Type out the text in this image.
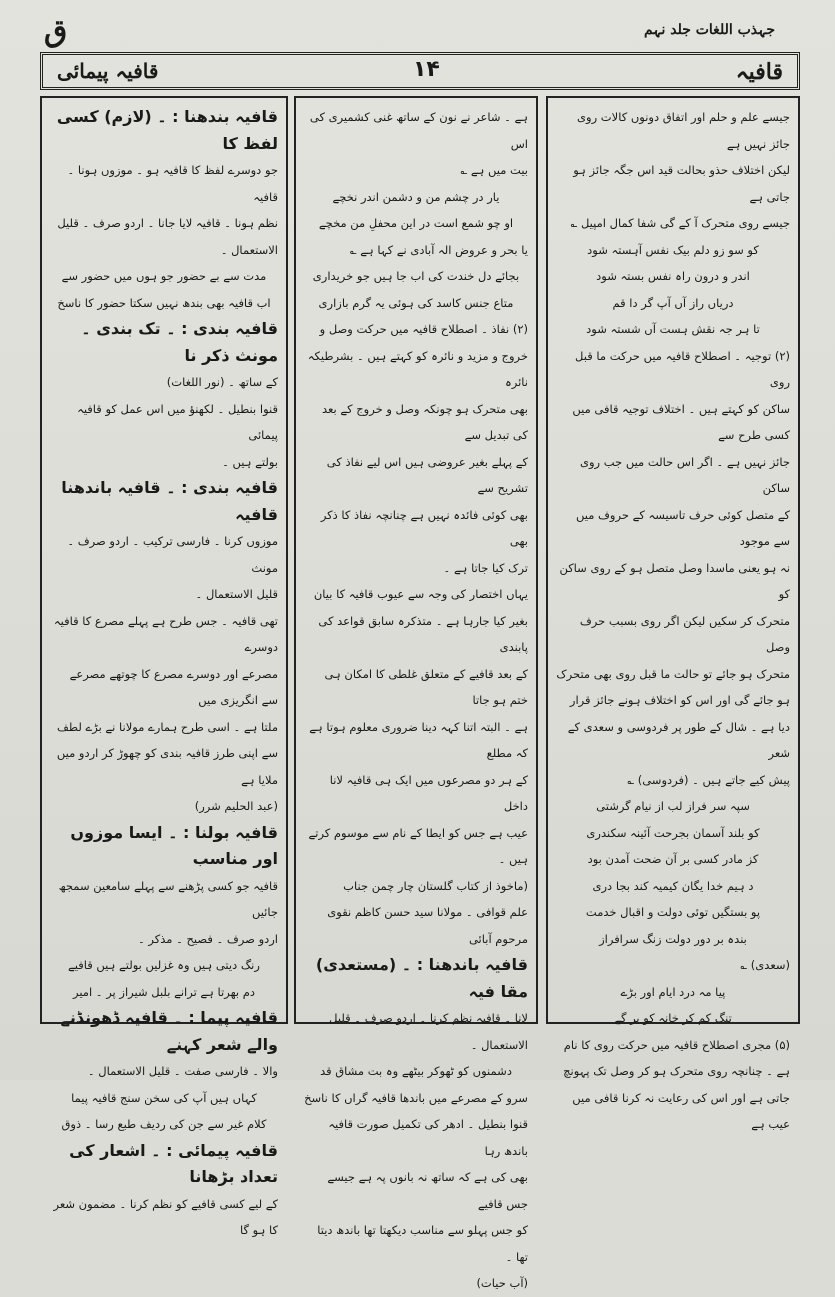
ق	جہذب اللغات جلد نہم
قافیہ پیمائی	۱۴	قافیہ

جیسے علم و حلم اور اتفاق دونوں کالات روی جائز نہیں ہے

لیکن اختلاف حذو بحالت قید اس جگہ جائز ہو جاتی ہے

جیسے روی متحرک آ کے گی شفا کمال امپیل ؎

کو سو زو دلم بیک نفس آہستہ شود

اندر و درون راہ نفس بستہ شود

دریاں راز آں آپ گر دا قم

تا ہر جہ نقش ہست آں شستہ شود

(۲) توجیہ ۔ اصطلاح قافیہ میں حرکت ما قبل روی

ساکن کو کہتے ہیں ۔ اختلاف توجیہ قافی میں کسی طرح سے

جائز نہیں ہے ۔ اگر اس حالت میں جب روی ساکن

کے متصل کوئی حرف تاسیسہ کے حروف میں سے موجود

نہ ہو یعنی ماسدا وصل متصل ہو کے روی ساکن کو

متحرک کر سکیں لیکن اگر روی بسبب حرف وصل

متحرک ہو جائے تو حالت ما قبل روی بھی متحرک

ہو جائے گی اور اس کو اختلاف ہونے جائز قرار

دیا ہے ۔ شال کے طور پر فردوسی و سعدی کے شعر

پیش کیے جاتے ہیں ۔ (فردوسی) ؎

سپہ سر فراز لب از نیام گرشتی

کو بلند آسمان بجرحت آئینہ سکندری

کز مادر کسی بر آن ضحت آمدن بود

د ہیم خدا یگان کیمیہ کند بجا دری

پو بستگیں توئی دولت و اقبال خدمت

بندہ بر دور دولت زنگ سرافراز

(سعدی) ؎

پیا مہ درد ایام اور بڑے

تنگ کم کر خانہ کو بر گے

(۵) مجری اصطلاح قافیہ میں حرکت روی کا نام

ہے ۔ چنانچہ روی متحرک ہو کر وصل تک پہونچ

جاتی ہے اور اس کی رعایت نہ کرنا قافی میں عیب ہے

ہے ۔ شاعر نے نون کے ساتھ غنی کشمیری کی اس

بیت میں ہے ؎

یار در چشم من و دشمن اندر نخچے

او چو شمع است در این محفلِ من مخچے

یا بحر و عروض الہ آبادی نے کہا ہے ؎

بجائے دل خندت کی اب جا ہیں جو خریداری

متاع جنس کاسد کی ہوئی یہ گرم بازاری

(۲) نفاذ ۔ اصطلاح قافیہ میں حرکت وصل و

خروج و مزید و نائرہ کو کہتے ہیں ۔ بشرطیکہ نائرہ

بھی متحرک ہو چونکہ وصل و خروج کے بعد کی تبدیل سے

کے پہلے بغیر عروضی ہیں اس لیے نفاذ کی تشریح سے

بھی کوئی فائدہ نہیں ہے چنانچہ نفاذ کا ذکر بھی

ترک کیا جاتا ہے ۔

یہاں اختصار کی وجہ سے عیوب قافیہ کا بیان

بغیر کیا جارہا ہے ۔ متذکرہ سابق قواعد کی پابندی

کے بعد قافیے کے متعلق غلطی کا امکان ہی ختم ہو جاتا

ہے ۔ البتہ اتنا کہہ دینا ضروری معلوم ہوتا ہے کہ مطلع

کے ہر دو مصرعوں میں ایک ہی قافیہ لانا داخل

عیب ہے جس کو ایطا کے نام سے موسوم کرتے ہیں ۔

(ماخوذ از کتاب گلستان چار چمن جناب

علم قوافی ۔ مولانا سید حسن کاظم نقوی مرحوم آبائی

قافیہ باندھنا : ۔ (مستعدی) مقا فیہ

لانا ۔ قافیہ نظم کرنا ۔ اردو صرف ۔ قلیل الاستعمال ۔

دشمنوں کو ٹھوکر بیٹھے وہ بت مشاق قد

سرو کے مصرعے میں باندھا قافیہ گراں کا ناسخ

قنوا بنطیل ۔ ادھر کی تکمیل صورت قافیہ باندھ رہا

بھی کی ہے کہ ساتھ نہ بانوں پہ ہے جیسے جس قافیے

کو جس پہلو سے مناسب دیکھتا تھا باندھ دیتا تھا ۔

(آب حیات)

قافیہ بندھنا : ۔ (لازم) کسی لفظ کا

جو دوسرے لفظ کا قافیہ ہو ۔ موزوں ہونا ۔ قافیہ

نظم ہونا ۔ قافیہ لایا جانا ۔ اردو صرف ۔ قلیل

الاستعمال ۔

مدت سے بے حضور جو ہوں میں حضور سے

اب قافیہ بھی بندھ نہیں سکتا حضور کا ناسخ

قافیہ بندی : ۔ تک بندی ۔ مونث ذکر نا

کے ساتھ ۔ (نور اللغات)

قنوا بنطیل ۔ لکھنؤ میں اس عمل کو قافیہ پیمائی

بولتے ہیں ۔

قافیہ بندی : ۔ قافیہ باندھنا قافیہ

موزوں کرنا ۔ فارسی ترکیب ۔ اردو صرف ۔ مونث

قلیل الاستعمال ۔

تھی قافیہ ۔ جس طرح ہے پہلے مصرع کا قافیہ دوسرے

مصرعے اور دوسرے مصرع کا چوتھے مصرعے سے انگریزی میں

ملتا ہے ۔ اسی طرح ہمارے مولانا نے بڑے لطف

سے اپنی طرز قافیہ بندی کو چھوڑ کر اردو میں ملایا ہے

(عبد الحلیم شرر)

قافیہ بولنا : ۔ ایسا موزوں اور مناسب

قافیہ جو کسی پڑھنے سے پہلے سامعین سمجھ جائیں

اردو صرف ۔ فصیح ۔ مذکر ۔

رنگ دیتی ہیں وہ غزلیں بولتے ہیں قافیے

دم بھرتا ہے ترانے بلبل شیراز پر ۔ امیر

قافیہ پیما : ۔ قافیہ ڈھونڈنے والے شعر کہنے

والا ۔ فارسی صفت ۔ قلیل الاستعمال ۔

کہاں ہیں آپ کی سخن سنج قافیہ پیما

کلام غیر سے جن کی ردیف طبع رسا ۔ ذوق

قافیہ پیمائی : ۔ اشعار کی تعداد بڑھانا

کے لیے کسی قافیے کو نظم کرنا ۔ مضمون شعر کا ہو گا
